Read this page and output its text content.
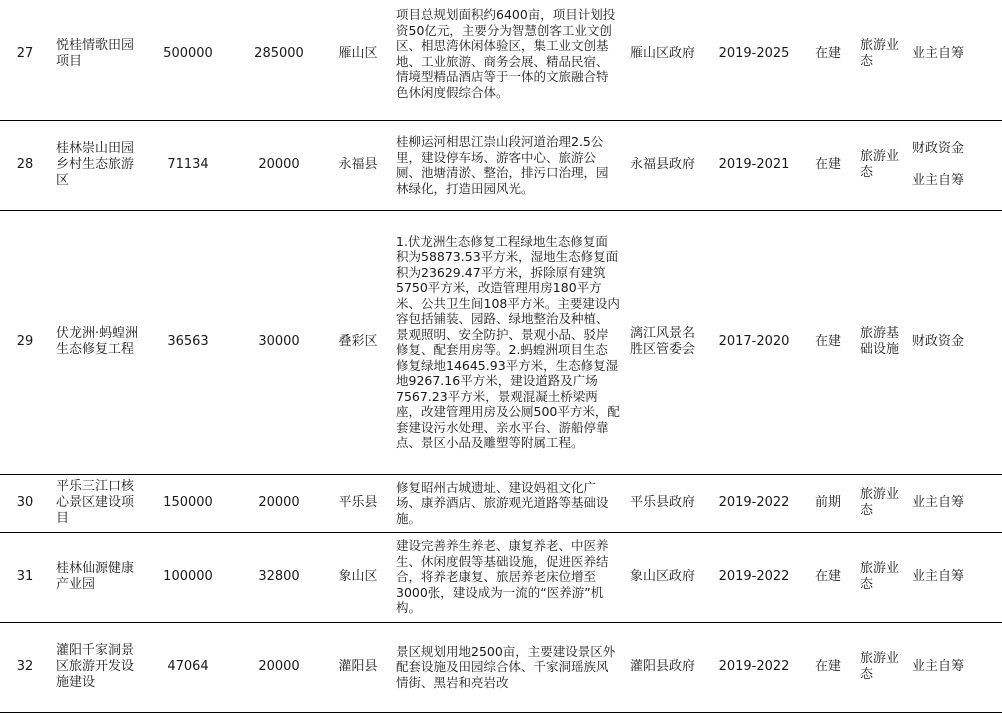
27	悦桂情歌田园项目	500000	285000	雁山区	项目总规划面积约6400亩，项目计划投资50亿元，主要分为智慧创客工业文创区、相思湾休闲体验区，集工业文创基地、工业旅游、商务会展、精品民宿、情境型精品酒店等于一体的文旅融合特色休闲度假综合体。	雁山区政府	2019-2025	在建	旅游业态	业主自筹

28	桂林崇山田园乡村生态旅游区	71134	20000	永福县	桂柳运河相思江崇山段河道治理2.5公里，建设停车场、游客中心、旅游公厕、池塘清淤、整治，排污口治理，园林绿化，打造田园风光。	永福县政府	2019-2021	在建	旅游业态	财政资金
业主自筹

29	伏龙洲·蚂蝗洲生态修复工程	36563	30000	叠彩区	1.伏龙洲生态修复工程绿地生态修复面积为58873.53平方米，湿地生态修复面积为23629.47平方米，拆除原有建筑5750平方米，改造管理用房180平方米、公共卫生间108平方米。主要建设内容包括铺装、园路、绿地整治及种植、景观照明、安全防护、景观小品、驳岸修复、配套用房等。2.蚂蝗洲项目生态修复绿地14645.93平方米，生态修复湿地9267.16平方米，建设道路及广场7567.23平方米，景观混凝土桥梁两座，改建管理用房及公厕500平方米，配套建设污水处理、亲水平台、游船停靠点、景区小品及雕塑等附属工程。	漓江风景名胜区管委会	2017-2020	在建	旅游基础设施	财政资金

30	平乐三江口核心景区建设项目	150000	20000	平乐县	修复昭州古城遗址、建设妈祖文化广场、康养酒店、旅游观光道路等基础设施。	平乐县政府	2019-2022	前期	旅游业态	业主自筹

31	桂林仙源健康产业园	100000	32800	象山区	建设完善养生养老、康复养老、中医养生、休闲度假等基础设施，促进医养结合，将养老康复、旅居养老床位增至3000张，建设成为一流的“医养游”机构。	象山区政府	2019-2022	在建	旅游业态	业主自筹

32	灌阳千家洞景区旅游开发设施建设	47064	20000	灌阳县	景区规划用地2500亩，主要建设景区外配套设施及田园综合体、千家洞瑶族风情街、黑岩和亮岩改	灌阳县政府	2019-2022	在建	旅游业态	业主自筹
